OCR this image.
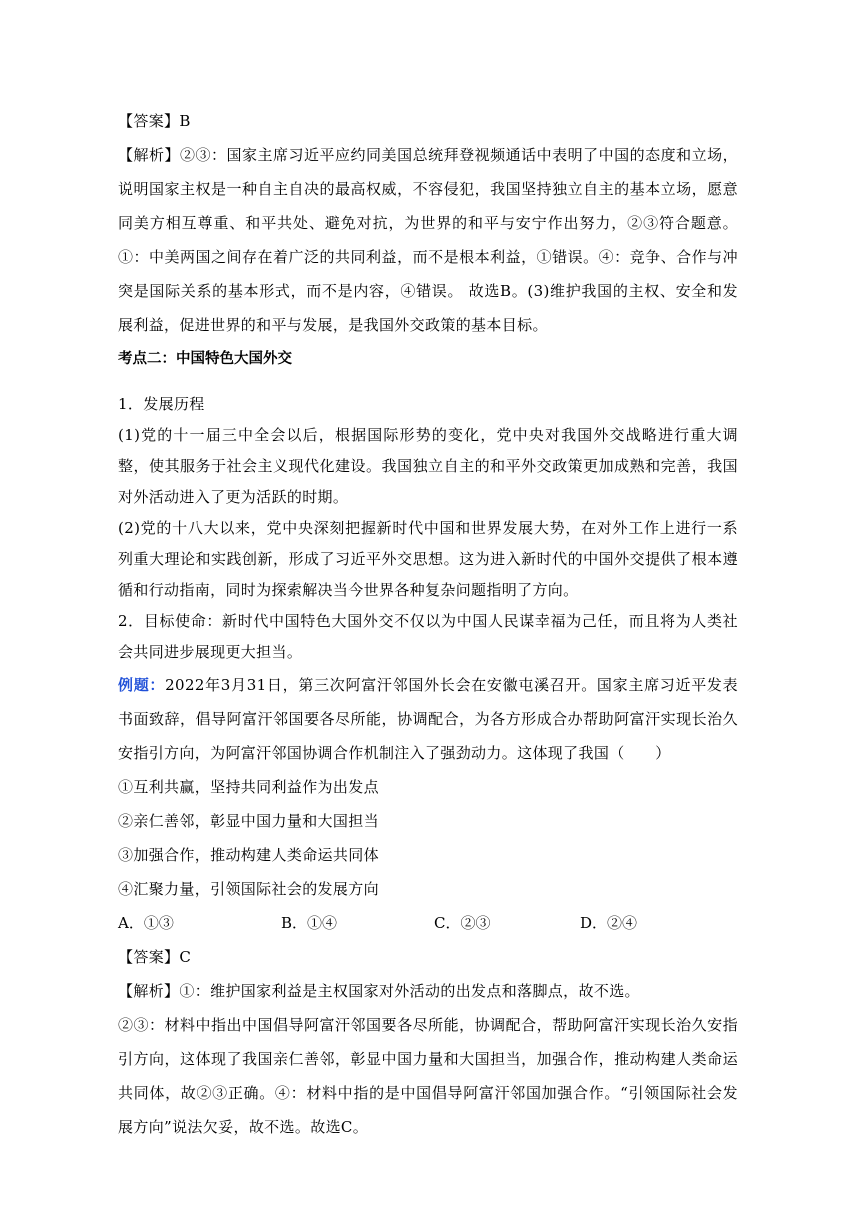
【答案】B

【解析】②③：国家主席习近平应约同美国总统拜登视频通话中表明了中国的态度和立场，说明国家主权是一种自主自决的最高权威，不容侵犯，我国坚持独立自主的基本立场，愿意同美方相互尊重、和平共处、避免对抗，为世界的和平与安宁作出努力，②③符合题意。①：中美两国之间存在着广泛的共同利益，而不是根本利益，①错误。④：竞争、合作与冲突是国际关系的基本形式，而不是内容，④错误。 故选B。(3)维护我国的主权、安全和发展利益，促进世界的和平与发展，是我国外交政策的基本目标。

考点二：中国特色大国外交

1．发展历程

(1)党的十一届三中全会以后，根据国际形势的变化，党中央对我国外交战略进行重大调整，使其服务于社会主义现代化建设。我国独立自主的和平外交政策更加成熟和完善，我国对外活动进入了更为活跃的时期。

(2)党的十八大以来，党中央深刻把握新时代中国和世界发展大势，在对外工作上进行一系列重大理论和实践创新，形成了习近平外交思想。这为进入新时代的中国外交提供了根本遵循和行动指南，同时为探索解决当今世界各种复杂问题指明了方向。

2．目标使命：新时代中国特色大国外交不仅以为中国人民谋幸福为己任，而且将为人类社会共同进步展现更大担当。

例题：2022年3月31日，第三次阿富汗邻国外长会在安徽屯溪召开。国家主席习近平发表书面致辞，倡导阿富汗邻国要各尽所能，协调配合，为各方形成合办帮助阿富汗实现长治久安指引方向，为阿富汗邻国协调合作机制注入了强劲动力。这体现了我国（　　）

①互利共赢，坚持共同利益作为出发点

②亲仁善邻，彰显中国力量和大国担当

③加强合作，推动构建人类命运共同体

④汇聚力量，引领国际社会的发展方向

A．①③	B．①④	C．②③	D．②④

【答案】C

【解析】①：维护国家利益是主权国家对外活动的出发点和落脚点，故不选。

②③：材料中指出中国倡导阿富汗邻国要各尽所能，协调配合，帮助阿富汗实现长治久安指引方向，这体现了我国亲仁善邻，彰显中国力量和大国担当，加强合作，推动构建人类命运共同体，故②③正确。④：材料中指的是中国倡导阿富汗邻国加强合作。“引领国际社会发展方向”说法欠妥，故不选。故选C。
